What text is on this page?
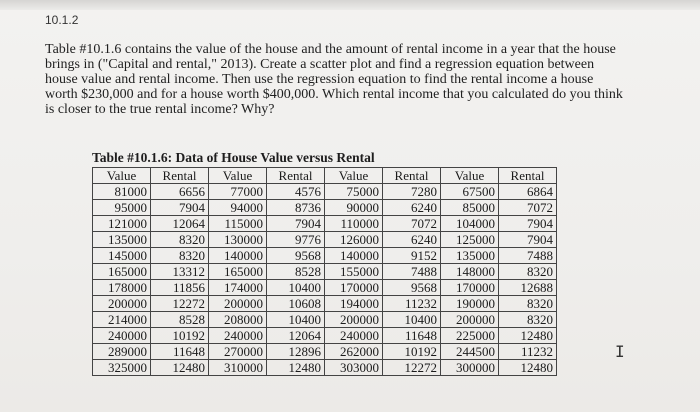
10.1.2

Table #10.1.6 contains the value of the house and the amount of rental income in a year that the house brings in ("Capital and rental," 2013). Create a scatter plot and find a regression equation between house value and rental income. Then use the regression equation to find the rental income a house worth $230,000 and for a house worth $400,000. Which rental income that you calculated do you think is closer to the true rental income? Why?

Table #10.1.6: Data of House Value versus Rental
Value	Rental	Value	Rental	Value	Rental	Value	Rental
81000	6656	77000	4576	75000	7280	67500	6864
95000	7904	94000	8736	90000	6240	85000	7072
121000	12064	115000	7904	110000	7072	104000	7904
135000	8320	130000	9776	126000	6240	125000	7904
145000	8320	140000	9568	140000	9152	135000	7488
165000	13312	165000	8528	155000	7488	148000	8320
178000	11856	174000	10400	170000	9568	170000	12688
200000	12272	200000	10608	194000	11232	190000	8320
214000	8528	208000	10400	200000	10400	200000	8320
240000	10192	240000	12064	240000	11648	225000	12480
289000	11648	270000	12896	262000	10192	244500	11232
325000	12480	310000	12480	303000	12272	300000	12480
I
